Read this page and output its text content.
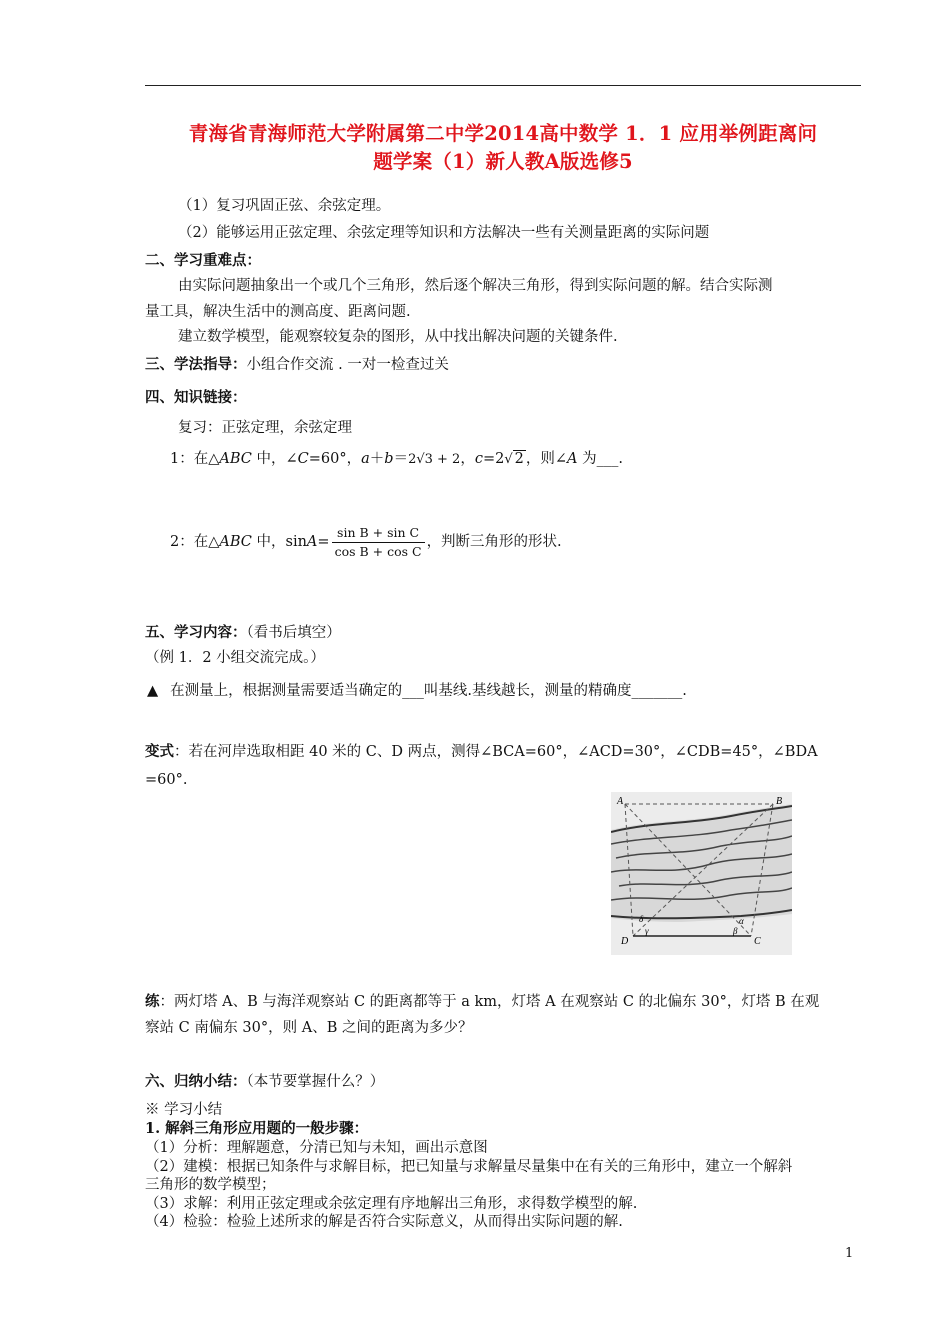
青海省青海师范大学附属第二中学2014高中数学 1．1 应用举例距离问
题学案（1）新人教A版选修5
（1）复习巩固正弦、余弦定理。
（2）能够运用正弦定理、余弦定理等知识和方法解决一些有关测量距离的实际问题
二、学习重难点：
由实际问题抽象出一个或几个三角形，然后逐个解决三角形，得到实际问题的解。结合实际测
量工具，解决生活中的测高度、距离问题.
建立数学模型，能观察较复杂的图形，从中找出解决问题的关键条件.
三、学法指导：小组合作交流 . 一对一检查过关
四、知识链接：
复习：正弦定理，余弦定理
1：在△ABC 中，∠C=60°，a＋b＝2√3 + 2，c=2√ 2 ，则∠A 为___.
2：在△ABC 中，$\sin A= \frac{\text{sin B + sin C}}{\text{cos B + cos C}}$ ，判断三角形的形状.
五、学习内容：（看书后填空）
（例 1．2 小组交流完成。）
▲ 在测量上，根据测量需要适当确定的___叫基线.基线越长，测量的精确度_______.
变式：若在河岸选取相距 40 米的 C、D 两点，测得∠BCA=60°，∠ACD=30°，∠CDB=45°，∠BDA
=60°.
A	B
D	C
δ
γ	β
α
练：两灯塔 A、B 与海洋观察站 C 的距离都等于 a km，灯塔 A 在观察站 C 的北偏东 30°，灯塔 B 在观
察站 C 南偏东 30°，则 A、B 之间的距离为多少？
六、归纳小结：（本节要掌握什么？）
※ 学习小结
1. 解斜三角形应用题的一般步骤：
（1）分析：理解题意，分清已知与未知，画出示意图
（2）建模：根据已知条件与求解目标，把已知量与求解量尽量集中在有关的三角形中，建立一个解斜
三角形的数学模型；
（3）求解：利用正弦定理或余弦定理有序地解出三角形，求得数学模型的解.
（4）检验：检验上述所求的解是否符合实际意义，从而得出实际问题的解.
1
